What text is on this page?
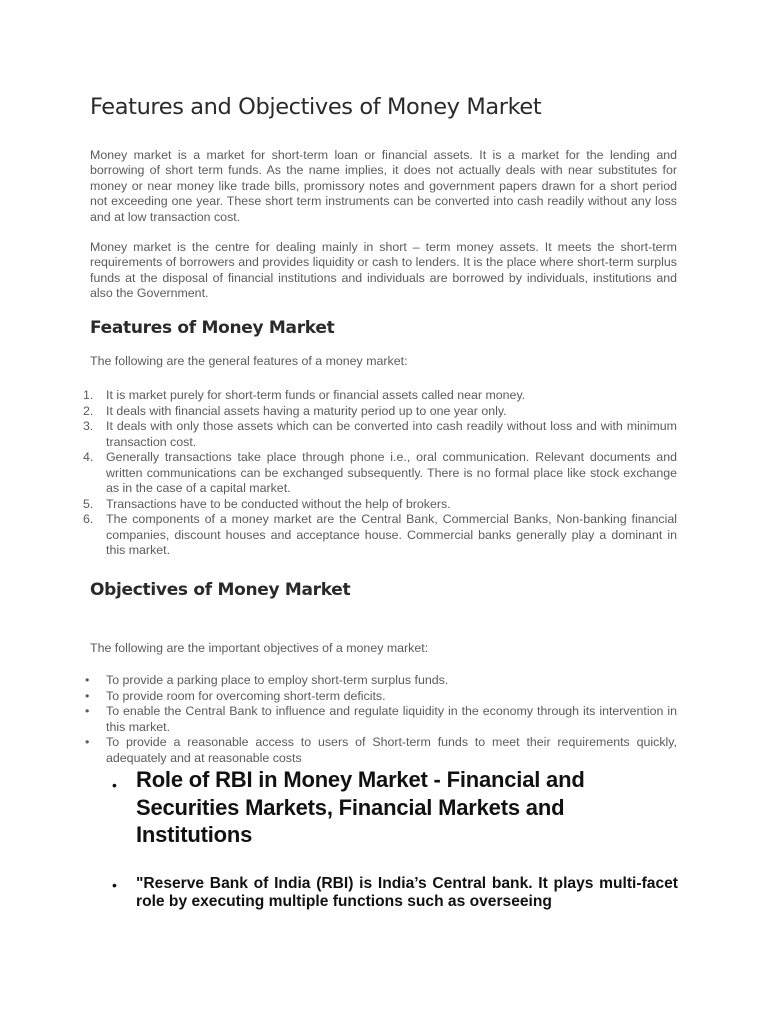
Features and Objectives of Money Market

Money market is a market for short-term loan or financial assets. It is a market for the lending and borrowing of short term funds. As the name implies, it does not actually deals with near substitutes for money or near money like trade bills, promissory notes and government papers drawn for a short period not exceeding one year. These short term instruments can be converted into cash readily without any loss and at low transaction cost.

Money market is the centre for dealing mainly in short – term money assets. It meets the short-term requirements of borrowers and provides liquidity or cash to lenders. It is the place where short-term surplus funds at the disposal of financial institutions and individuals are borrowed by individuals, institutions and also the Government.

Features of Money Market

The following are the general features of a money market:

1. It is market purely for short-term funds or financial assets called near money.
2. It deals with financial assets having a maturity period up to one year only.
3. It deals with only those assets which can be converted into cash readily without loss and with minimum transaction cost.
4. Generally transactions take place through phone i.e., oral communication. Relevant documents and written communications can be exchanged subsequently. There is no formal place like stock exchange as in the case of a capital market.
5. Transactions have to be conducted without the help of brokers.
6. The components of a money market are the Central Bank, Commercial Banks, Non-banking financial companies, discount houses and acceptance house. Commercial banks generally play a dominant in this market.
Objectives of Money Market

The following are the important objectives of a money market:

• To provide a parking place to employ short-term surplus funds.
• To provide room for overcoming short-term deficits.
• To enable the Central Bank to influence and regulate liquidity in the economy through its intervention in this market.
• To provide a reasonable access to users of Short-term funds to meet their requirements quickly, adequately and at reasonable costs
• Role of RBI in Money Market - Financial and Securities Markets, Financial Markets and Institutions
• "Reserve Bank of India (RBI) is India’s Central bank. It plays multi-facet role by executing multiple functions such as overseeing
